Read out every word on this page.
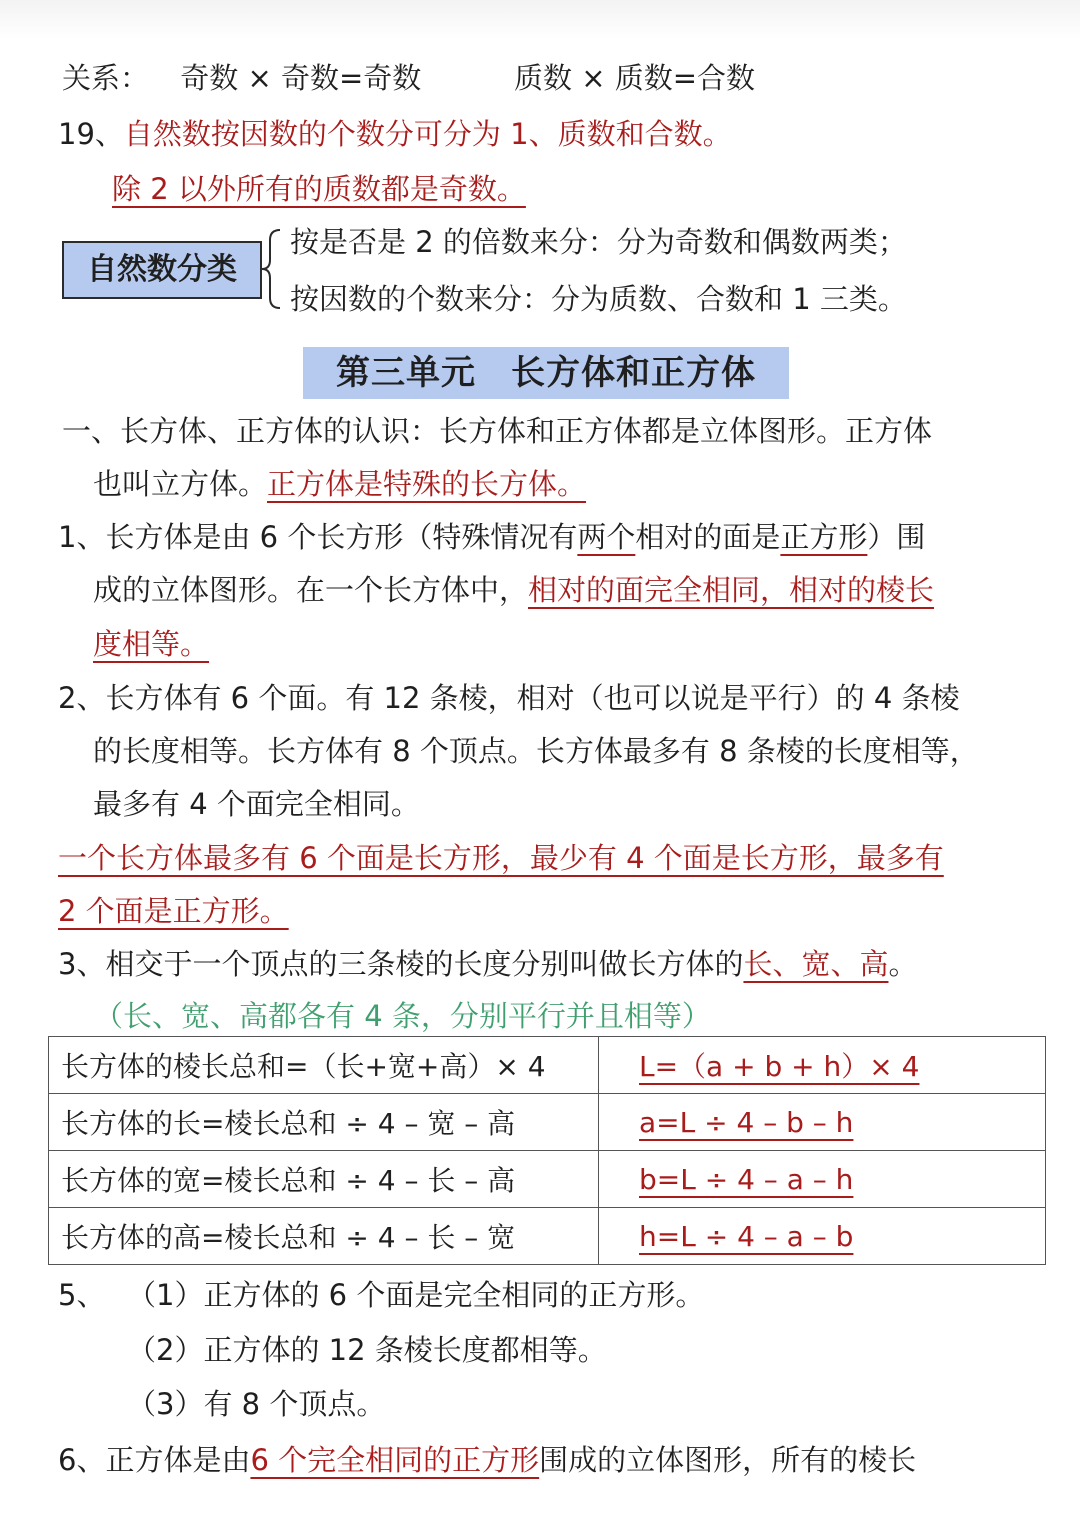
关系： 奇数 × 奇数=奇数	质数 × 质数=合数
19、自然数按因数的个数分可分为 1、质数和合数。
除 2 以外所有的质数都是奇数。
自然数分类
按是否是 2 的倍数来分：分为奇数和偶数两类；
按因数的个数来分：分为质数、合数和 1 三类。
第三单元　长方体和正方体
一、长方体、正方体的认识：长方体和正方体都是立体图形。正方体
也叫立方体。正方体是特殊的长方体。
1、长方体是由 6 个长方形（特殊情况有两个相对的面是正方形）围
成的立体图形。在一个长方体中，相对的面完全相同，相对的棱长
度相等。
2、长方体有 6 个面。有 12 条棱，相对（也可以说是平行）的 4 条棱
的长度相等。长方体有 8 个顶点。长方体最多有 8 条棱的长度相等，
最多有 4 个面完全相同。
一个长方体最多有 6 个面是长方形，最少有 4 个面是长方形，最多有
2 个面是正方形。
3、相交于一个顶点的三条棱的长度分别叫做长方体的长、宽、高。
（长、宽、高都各有 4 条，分别平行并且相等）
长方体的棱长总和=（长+宽+高）× 4	L=（a + b + h）× 4
长方体的长=棱长总和 ÷ 4 – 宽 – 高	a=L ÷ 4 – b – h
长方体的宽=棱长总和 ÷ 4 – 长 – 高	b=L ÷ 4 – a – h
长方体的高=棱长总和 ÷ 4 – 长 – 宽	h=L ÷ 4 – a – b
5、 （1）正方体的 6 个面是完全相同的正方形。
（2）正方体的 12 条棱长度都相等。
（3）有 8 个顶点。
6、正方体是由6 个完全相同的正方形围成的立体图形，所有的棱长
